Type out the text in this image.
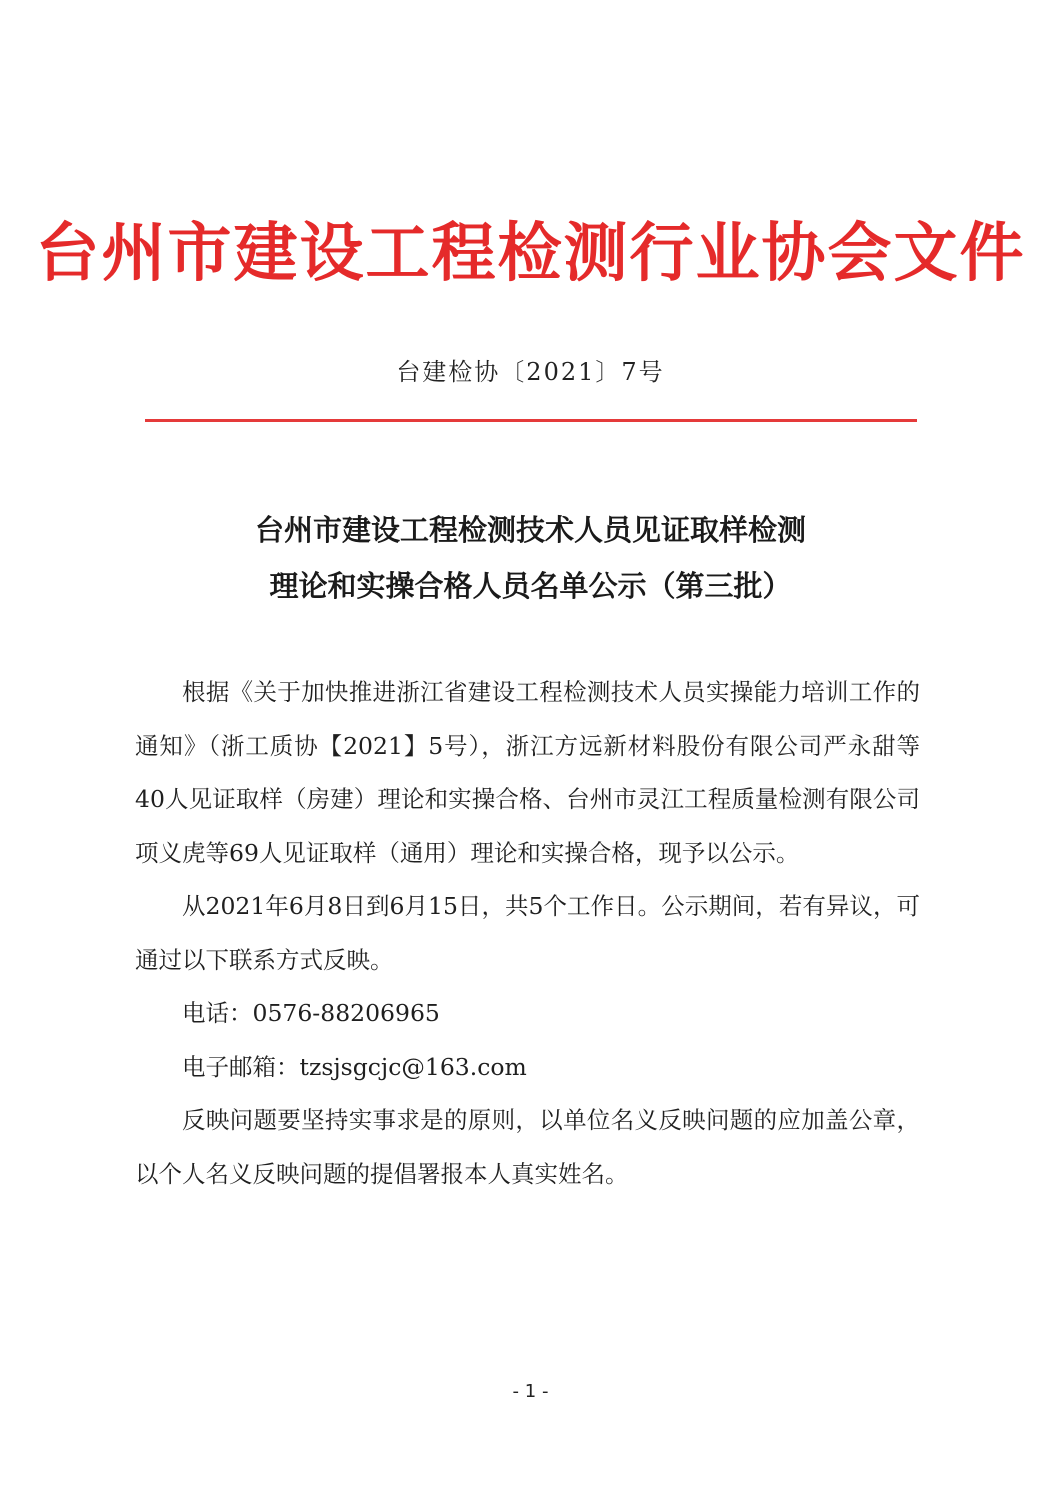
台州市建设工程检测行业协会文件
台建检协〔2021〕7号
台州市建设工程检测技术人员见证取样检测
理论和实操合格人员名单公示（第三批）

根据《关于加快推进浙江省建设工程检测技术人员实操能力培训工作的通知》（浙工质协【2021】5号），浙江方远新材料股份有限公司严永甜等40人见证取样（房建）理论和实操合格、台州市灵江工程质量检测有限公司项义虎等69人见证取样（通用）理论和实操合格，现予以公示。

从2021年6月8日到6月15日，共5个工作日。公示期间，若有异议，可通过以下联系方式反映。

电话：0576-88206965

电子邮箱：tzsjsgcjc@163.com

反映问题要坚持实事求是的原则，以单位名义反映问题的应加盖公章，以个人名义反映问题的提倡署报本人真实姓名。

- 1 -
